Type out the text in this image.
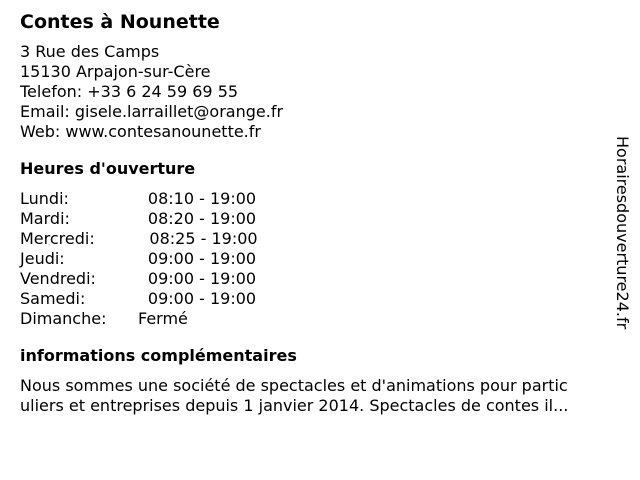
Contes à Nounette
3 Rue des Camps
15130 Arpajon-sur-Cère
Telefon: +33 6 24 59 69 55
Email: gisele.larraillet@orange.fr
Web: www.contesanounette.fr
Heures d'ouverture
Lundi:	08:10 - 19:00
Mardi:	08:20 - 19:00
Mercredi:	08:25 - 19:00
Jeudi:	09:00 - 19:00
Vendredi:	09:00 - 19:00
Samedi:	09:00 - 19:00
Dimanche:	Fermé
informations complémentaires
Nous sommes une société de spectacles et d'animations pour partic
uliers et entreprises depuis 1 janvier 2014. Spectacles de contes il...
Horairesdouverture24.fr
